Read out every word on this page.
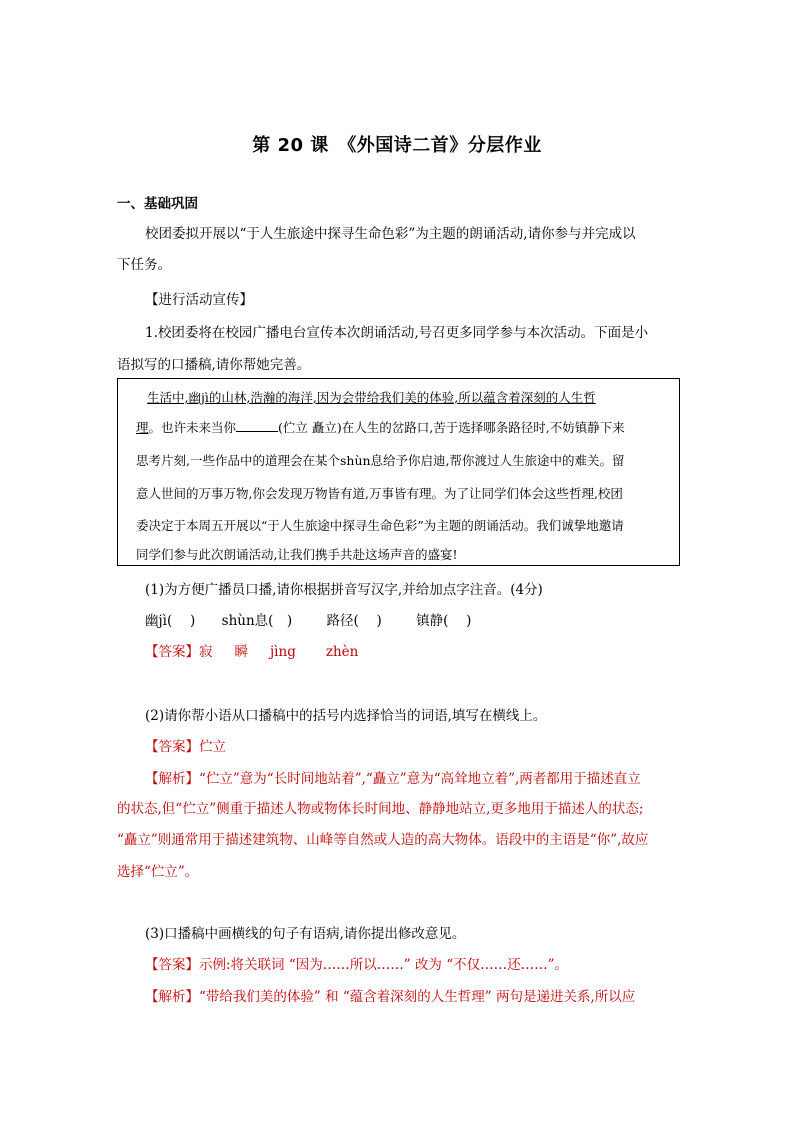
第 20 课　《外国诗二首》分层作业
一、基础巩固
校团委拟开展以“于人生旅途中探寻生命色彩”为主题的朗诵活动,请你参与并完成以
下任务。
【进行活动宣传】
1.校团委将在校园广播电台宣传本次朗诵活动,号召更多同学参与本次活动。下面是小
语拟写的口播稿,请你帮她完善。
生活中,幽jì的山林,浩瀚的海洋,因为会带给我们美的体验,所以蕴含着深刻的人生哲
理。也许未来当你	(伫立 矗立)在人生的岔路口,苦于选择哪条路径时,不妨镇静下来
思考片刻,一些作品中的道理会在某个shùn息给予你启迪,帮你渡过人生旅途中的难关。留
意人世间的万事万物,你会发现万物皆有道,万事皆有理。为了让同学们体会这些哲理,校团
委决定于本周五开展以“于人生旅途中探寻生命色彩”为主题的朗诵活动。我们诚挚地邀请
同学们参与此次朗诵活动,让我们携手共赴这场声音的盛宴!
(1)为方便广播员口播,请你根据拼音写汉字,并给加点字注音。(4分)
幽jì(　 ) shùn息(　)	路径(　 )	镇静(　 )
【答案】寂 瞬 jìng zhèn
(2)请你帮小语从口播稿中的括号内选择恰当的词语,填写在横线上。
【答案】伫立
【解析】“伫立”意为“长时间地站着”,“矗立”意为“高耸地立着”,两者都用于描述直立
的状态,但“伫立”侧重于描述人物或物体长时间地、静静地站立,更多地用于描述人的状态;
“矗立”则通常用于描述建筑物、山峰等自然或人造的高大物体。语段中的主语是“你”,故应
选择“伫立”。
(3)口播稿中画横线的句子有语病,请你提出修改意见。
【答案】示例:将关联词 “因为……所以……” 改为 “不仅……还……”。
【解析】“带给我们美的体验” 和 “蕴含着深刻的人生哲理” 两句是递进关系,所以应
